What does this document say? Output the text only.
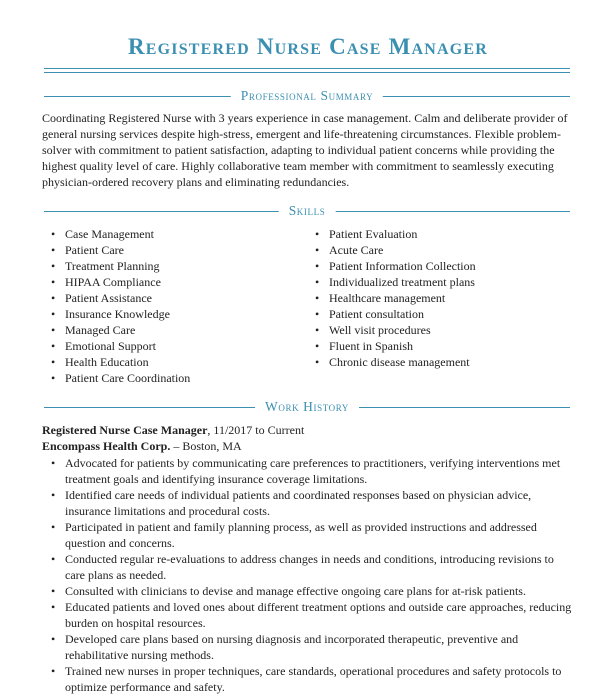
Registered Nurse Case Manager
Professional Summary

Coordinating Registered Nurse with 3 years experience in case management. Calm and deliberate provider of general nursing services despite high-stress, emergent and life-threatening circumstances. Flexible problem-solver with commitment to patient satisfaction, adapting to individual patient concerns while providing the highest quality level of care. Highly collaborative team member with commitment to seamlessly executing physician-ordered recovery plans and eliminating redundancies.

Skills
• Case Management
• Patient Care
• Treatment Planning
• HIPAA Compliance
• Patient Assistance
• Insurance Knowledge
• Managed Care
• Emotional Support
• Health Education
• Patient Care Coordination
• Patient Evaluation
• Acute Care
• Patient Information Collection
• Individualized treatment plans
• Healthcare management
• Patient consultation
• Well visit procedures
• Fluent in Spanish
• Chronic disease management
Work History
Registered Nurse Case Manager, 11/2017 to Current
Encompass Health Corp. – Boston, MA
• Advocated for patients by communicating care preferences to practitioners, verifying interventions met treatment goals and identifying insurance coverage limitations.
• Identified care needs of individual patients and coordinated responses based on physician advice, insurance limitations and procedural costs.
• Participated in patient and family planning process, as well as provided instructions and addressed question and concerns.
• Conducted regular re-evaluations to address changes in needs and conditions, introducing revisions to care plans as needed.
• Consulted with clinicians to devise and manage effective ongoing care plans for at-risk patients.
• Educated patients and loved ones about different treatment options and outside care approaches, reducing burden on hospital resources.
• Developed care plans based on nursing diagnosis and incorporated therapeutic, preventive and rehabilitative nursing methods.
• Trained new nurses in proper techniques, care standards, operational procedures and safety protocols to optimize performance and safety.
